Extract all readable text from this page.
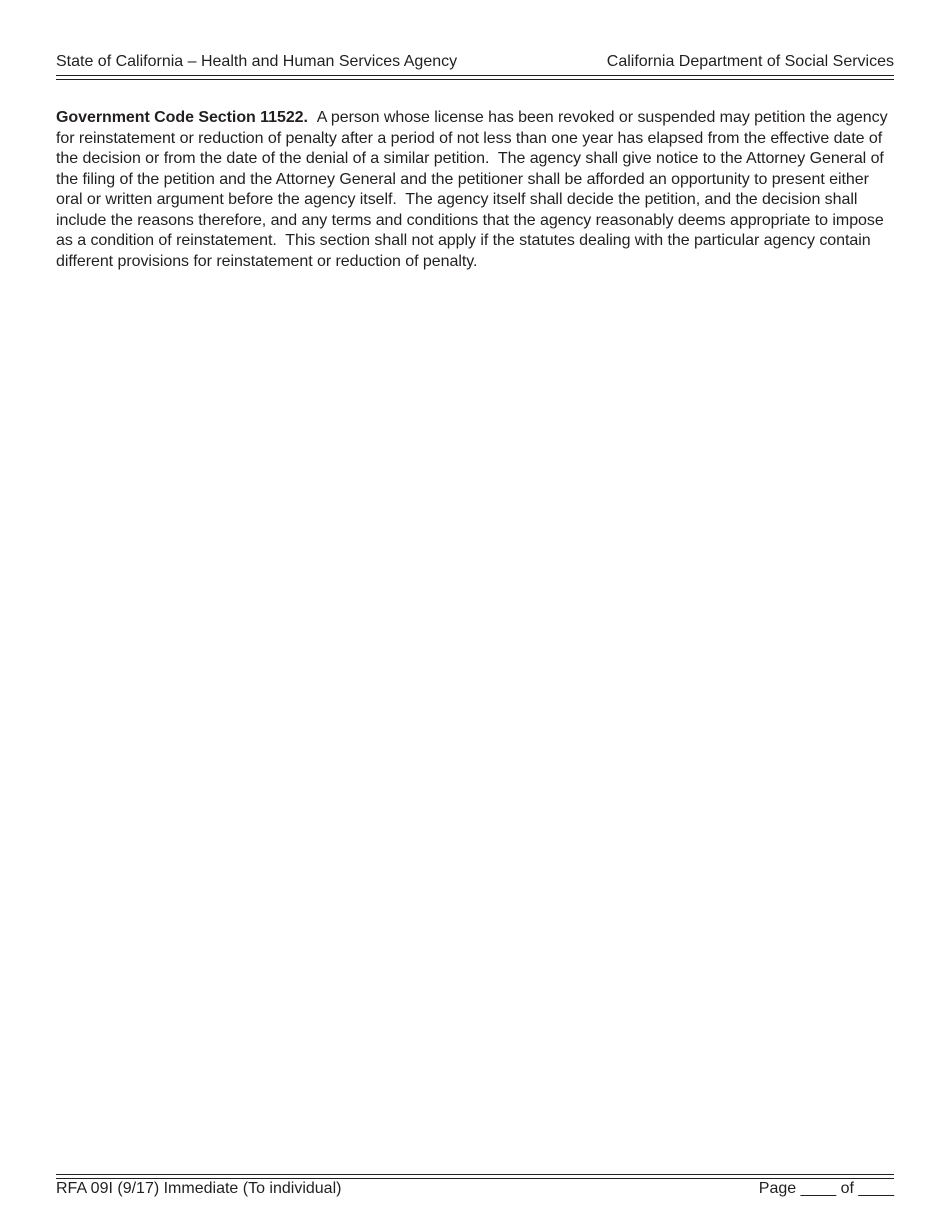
State of California – Health and Human Services Agency	California Department of Social Services

Government Code Section 11522. A person whose license has been revoked or suspended may petition the agency for reinstatement or reduction of penalty after a period of not less than one year has elapsed from the effective date of the decision or from the date of the denial of a similar petition.  The agency shall give notice to the Attorney General of the filing of the petition and the Attorney General and the petitioner shall be afforded an opportunity to present either oral or written argument before the agency itself.  The agency itself shall decide the petition, and the decision shall include the reasons therefore, and any terms and conditions that the agency reasonably deems appropriate to impose as a condition of reinstatement.  This section shall not apply if the statutes dealing with the particular agency contain different provisions for reinstatement or reduction of penalty.

RFA 09I (9/17) Immediate (To individual)	Page ____ of ____
